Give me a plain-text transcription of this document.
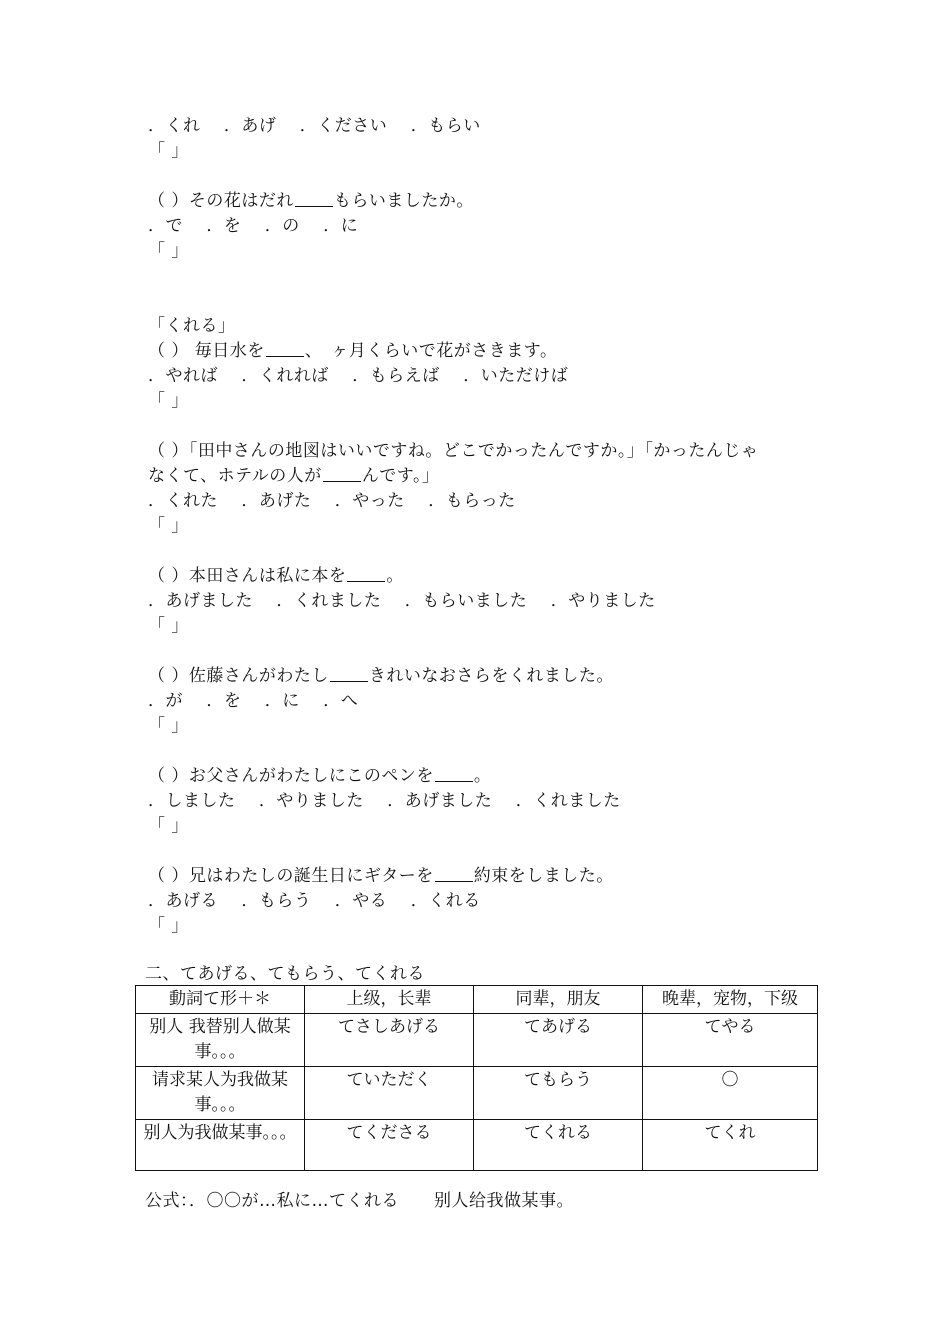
．くれ　 ．あげ　 ．ください　 ．もらい
「 」
（ ）その花はだれ もらいましたか。
．で　 ．を　 ．の　 ．に
「 」
「くれる」
（ ） 毎日水を 、　ヶ月くらいで花がさきます。
．やれば　 ．くれれば　 ．もらえば　 ．いただけば
「 」
（ ）「田中さんの地図はいいですね。どこでかったんですか。」「かったんじゃ
なくて、ホテルの人が んです。」
．くれた　 ．あげた　 ．やった　 ．もらった
「 」
（ ）本田さんは私に本を 。
．あげました　 ．くれました　 ．もらいました　 ．やりました
「 」
（ ）佐藤さんがわたし きれいなおさらをくれました。
．が　 ．を　 ．に　 ．へ
「 」
（ ）お父さんがわたしにこのペンを 。
．しました　 ．やりました　 ．あげました　 ．くれました
「 」
（ ）兄はわたしの誕生日にギターを 約束をしました。
．あげる　 ．もらう　 ．やる　 ．くれる
「 」
二、てあげる、てもらう、てくれる
動詞て形＋＊	上级，长辈	同辈，朋友	晚辈，宠物，下级
别人 我替别人做某事。。。	てさしあげる	てあげる	てやる
请求某人为我做某事。。。	ていただく	てもらう	〇
别人为我做某事。。。	てくださる	てくれる	てくれ
公式：．〇〇が…私に…てくれる　　别人给我做某事。
